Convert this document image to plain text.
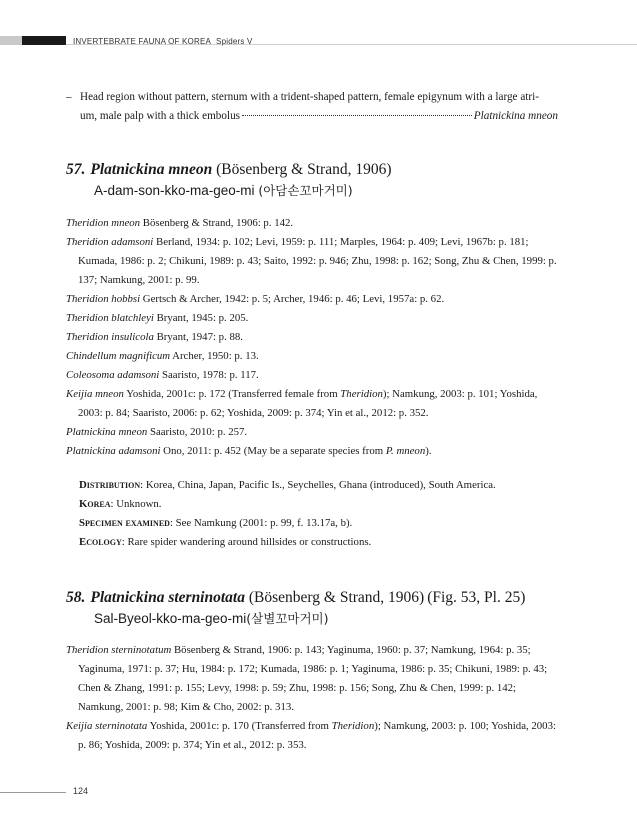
INVERTEBRATE FAUNA OF KOREA Spiders V
– Head region without pattern, sternum with a trident-shaped pattern, female epigynum with a large atri-
um, male palp with a thick embolus	Platnickina mneon
57. Platnickina mneon (Bösenberg & Strand, 1906)
A-dam-son-kko-ma-geo-mi (아담손꼬마거미)

Theridion mneon Bösenberg & Strand, 1906: p. 142.

Theridion adamsoni Berland, 1934: p. 102; Levi, 1959: p. 111; Marples, 1964: p. 409; Levi, 1967b: p. 181; Kumada, 1986: p. 2; Chikuni, 1989: p. 43; Saito, 1992: p. 946; Zhu, 1998: p. 162; Song, Zhu & Chen, 1999: p. 137; Namkung, 2001: p. 99.

Theridion hobbsi Gertsch & Archer, 1942: p. 5; Archer, 1946: p. 46; Levi, 1957a: p. 62.

Theridion blatchleyi Bryant, 1945: p. 205.

Theridion insulicola Bryant, 1947: p. 88.

Chindellum magnificum Archer, 1950: p. 13.

Coleosoma adamsoni Saaristo, 1978: p. 117.

Keijia mneon Yoshida, 2001c: p. 172 (Transferred female from Theridion); Namkung, 2003: p. 101; Yoshida, 2003: p. 84; Saaristo, 2006: p. 62; Yoshida, 2009: p. 374; Yin et al., 2012: p. 352.

Platnickina mneon Saaristo, 2010: p. 257.

Platnickina adamsoni Ono, 2011: p. 452 (May be a separate species from P. mneon).

Distribution: Korea, China, Japan, Pacific Is., Seychelles, Ghana (introduced), South America.

Korea: Unknown.

Specimen examined: See Namkung (2001: p. 99, f. 13.17a, b).

Ecology: Rare spider wandering around hillsides or constructions.

58. Platnickina sterninotata (Bösenberg & Strand, 1906) (Fig. 53, Pl. 25)
Sal-Byeol-kko-ma-geo-mi(살별꼬마거미)

Theridion sterninotatum Bösenberg & Strand, 1906: p. 143; Yaginuma, 1960: p. 37; Namkung, 1964: p. 35; Yaginuma, 1971: p. 37; Hu, 1984: p. 172; Kumada, 1986: p. 1; Yaginuma, 1986: p. 35; Chikuni, 1989: p. 43; Chen & Zhang, 1991: p. 155; Levy, 1998: p. 59; Zhu, 1998: p. 156; Song, Zhu & Chen, 1999: p. 142; Namkung, 2001: p. 98; Kim & Cho, 2002: p. 313.

Keijia sterninotata Yoshida, 2001c: p. 170 (Transferred from Theridion); Namkung, 2003: p. 100; Yoshida, 2003: p. 86; Yoshida, 2009: p. 374; Yin et al., 2012: p. 353.

124
